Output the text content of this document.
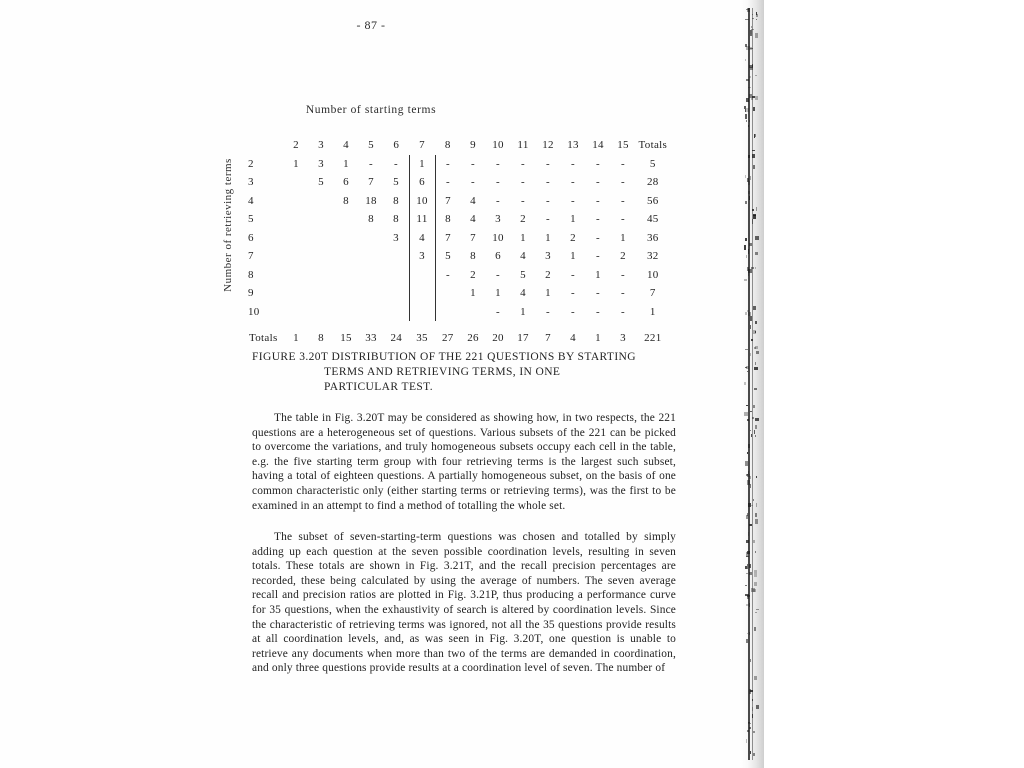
- 87 -
Number of starting terms
Number of retrieving terms
	2	3	4	5	6	7	8	9	10	11	12	13	14	15	Totals
2	1	3	1	-	-	1	-	-	-	-	-	-	-	-	5
3		5	6	7	5	6	-	-	-	-	-	-	-	-	28
4			8	18	8	10	7	4	-	-	-	-	-	-	56
5				8	8	11	8	4	3	2	-	1	-	-	45
6					3	4	7	7	10	1	1	2	-	1	36
7						3	5	8	6	4	3	1	-	2	32
8							-	2	-	5	2	-	1	-	10
9								1	1	4	1	-	-	-	7
10									-	1	-	-	-	-	1

Totals	1	8	15	33	24	35	27	26	20	17	7	4	1	3	221
FIGURE 3.20T DISTRIBUTION OF THE 221 QUESTIONS BY STARTING
TERMS AND RETRIEVING TERMS, IN ONE
PARTICULAR TEST.
The table in Fig. 3.20T may be considered as showing how, in two respects, the 221 questions are a heterogeneous set of questions. Various subsets of the 221 can be picked to overcome the variations, and truly homogeneous subsets occupy each cell in the table, e.g. the five starting term group with four retrieving terms is the largest such subset, having a total of eighteen questions. A partially homogeneous subset, on the basis of one common characteristic only (either starting terms or retrieving terms), was the first to be examined in an attempt to find a method of totalling the whole set.
The subset of seven-starting-term questions was chosen and totalled by simply adding up each question at the seven possible coordination levels, resulting in seven totals. These totals are shown in Fig. 3.21T, and the recall precision percentages are recorded, these being calculated by using the average of numbers. The seven average recall and precision ratios are plotted in Fig. 3.21P, thus producing a performance curve for 35 questions, when the exhaustivity of search is altered by coordination levels. Since the characteristic of retrieving terms was ignored, not all the 35 questions provide results at all coordination levels, and, as was seen in Fig. 3.20T, one question is unable to retrieve any documents when more than two of the terms are demanded in coordination, and only three questions provide results at a coordination level of seven. The number of
